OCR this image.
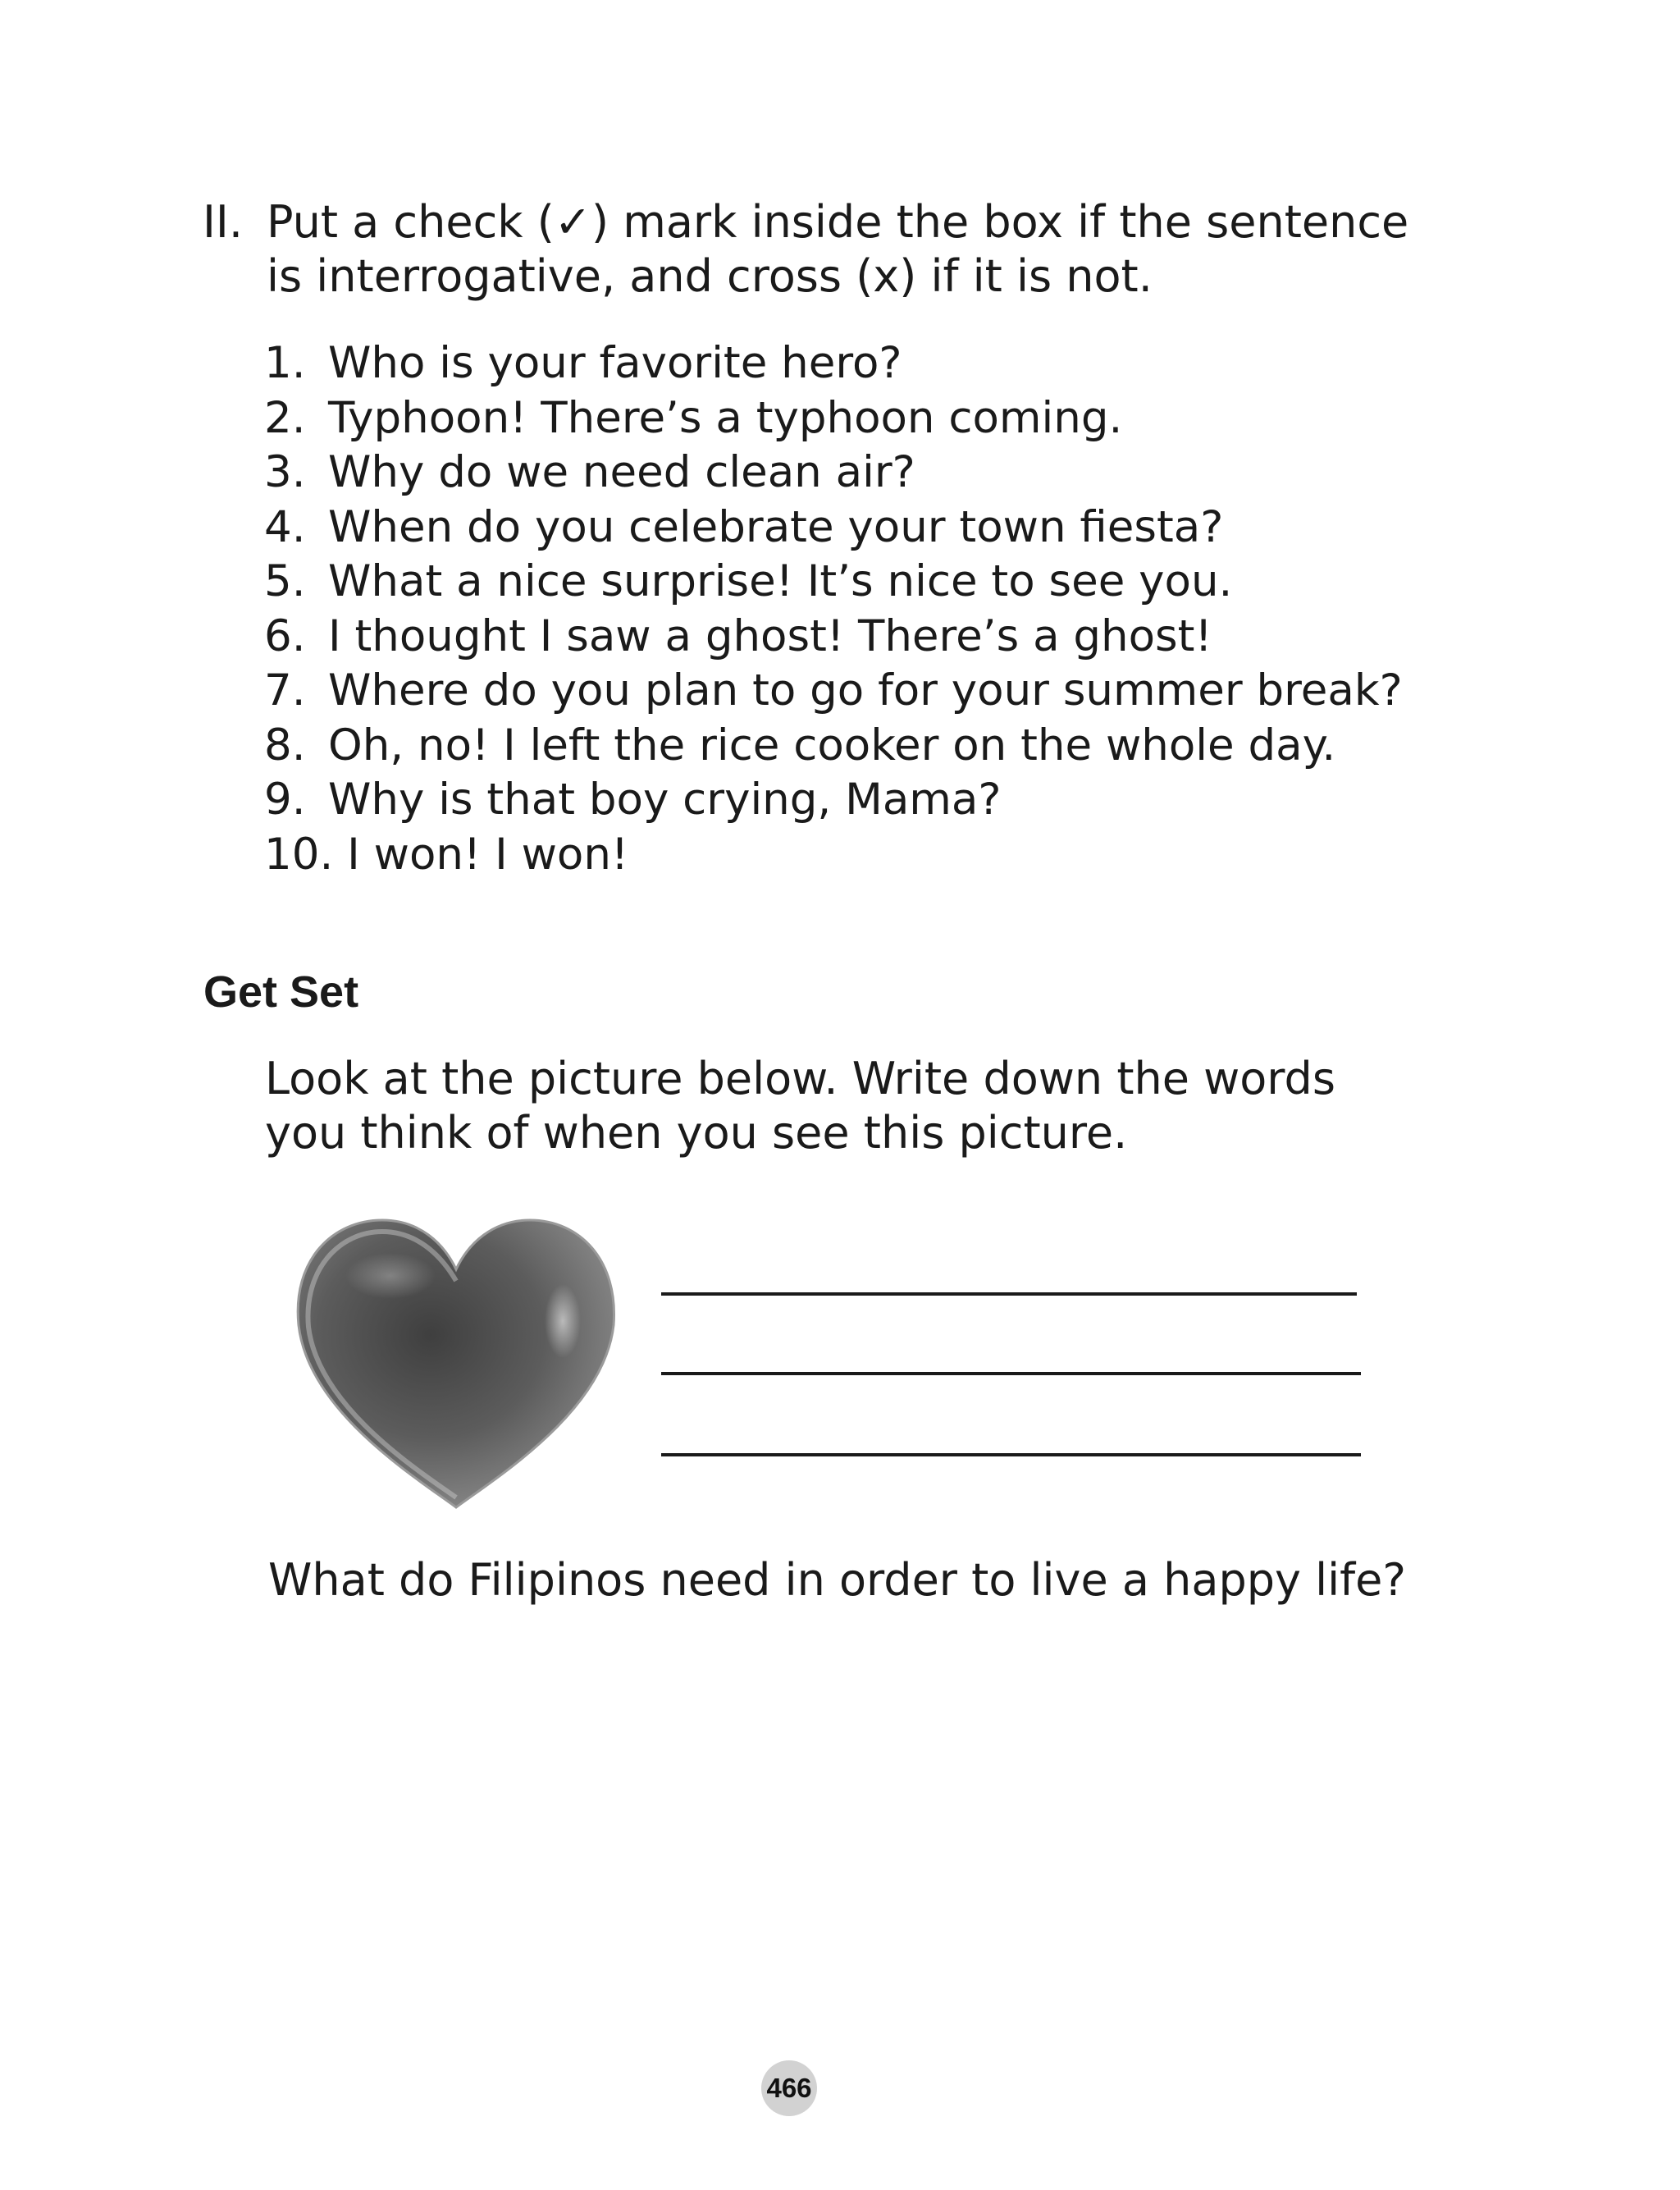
II. Put a check (✓) mark inside the box if the sentence is interrogative, and cross (x) if it is not.
1. Who is your favorite hero?
2. Typhoon! There’s a typhoon coming.
3. Why do we need clean air?
4. When do you celebrate your town fiesta?
5. What a nice surprise! It’s nice to see you.
6. I thought I saw a ghost! There’s a ghost!
7. Where do you plan to go for your summer break?
8. Oh, no! I left the rice cooker on the whole day.
9. Why is that boy crying, Mama?
10. I won! I won!
Get Set
Look at the picture below. Write down the words you think of when you see this picture.
What do Filipinos need in order to live a happy life?
466
